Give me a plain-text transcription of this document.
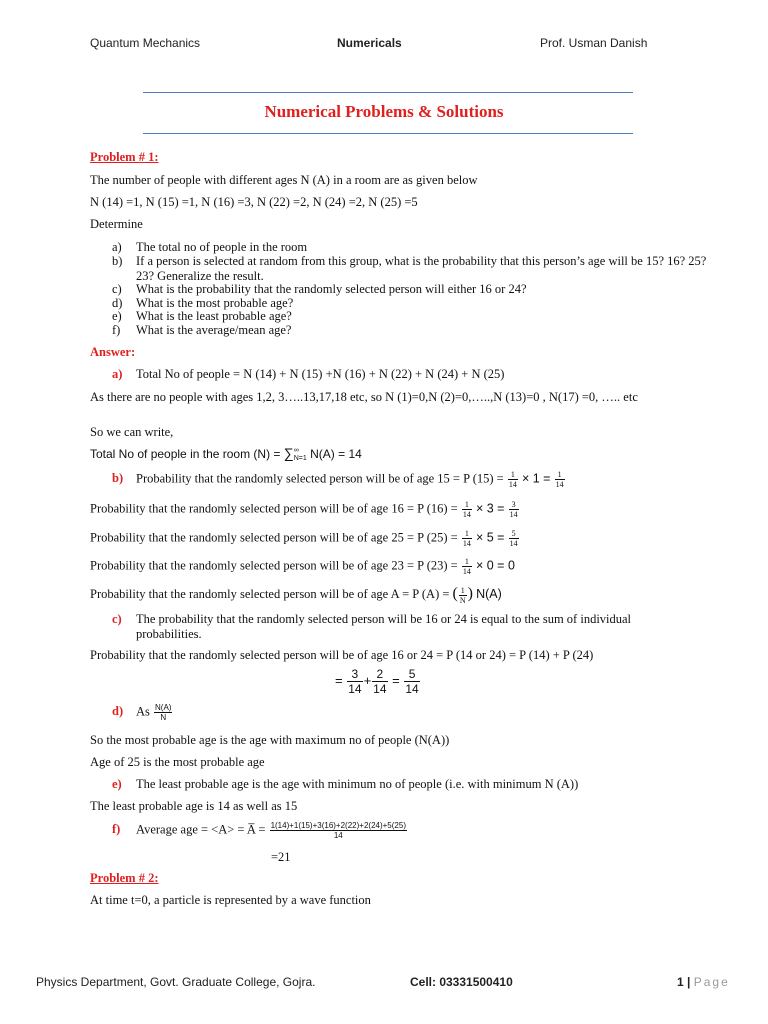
Quantum Mechanics	Numericals	Prof. Usman Danish
Numerical Problems & Solutions
Problem # 1:
The number of people with different ages N (A) in a room are as given below
N (14) =1, N (15) =1, N (16) =3, N (22) =2, N (24) =2, N (25) =5
Determine
a) The total no of people in the room
b) If a person is selected at random from this group, what is the probability that this person’s age will be 15? 16? 25? 23? Generalize the result.
c) What is the probability that the randomly selected person will either 16 or 24?
d) What is the most probable age?
e) What is the least probable age?
f) What is the average/mean age?
Answer:
a) Total No of people = N (14) + N (15) +N (16) + N (22) + N (24) + N (25)
As there are no people with ages 1,2, 3…..13,17,18 etc, so N (1)=0,N (2)=0,…..,N (13)=0 , N(17) =0, ….. etc
So we can write,
Total No of people in the room (N) = ∑ ∞
N=1 N(A) = 14
b) Probability that the randomly selected person will be of age 15 = P $(15) = \frac{1}{14} \times 1 = \frac{1}{14}$
Probability that the randomly selected person will be of age 16 = P $(16) = \frac{1}{14} \times 3 = \frac{3}{14}$
Probability that the randomly selected person will be of age 25 = P $(25) = \frac{1}{14} \times 5 = \frac{5}{14}$
Probability that the randomly selected person will be of age 23 = P $(23) = \frac{1}{14} \times 0 = 0$
Probability that the randomly selected person will be of age A = P (A) = ( $\frac{1}{N}$ ) N(A)
c) The probability that the randomly selected person will be 16 or 24 is equal to the sum of individual probabilities.
Probability that the randomly selected person will be of age 16 or 24 = P (14 or 24) = P (14) + P (24)
= $\frac{3}{14} + \frac{2}{14} = \frac{5}{14}$
d) As $\frac{N(A)}{N}$
So the most probable age is the age with maximum no of people (N(A))
Age of 25 is the most probable age
e) The least probable age is the age with minimum no of people (i.e. with minimum N (A))
The least probable age is 14 as well as 15
f) Average age = <A> = A̅ = $\frac{1(14)+1(15)+3(16)+2(22)+2(24)+5(25)}{14}$
=21
Problem # 2:
At time t=0, a particle is represented by a wave function
Physics Department, Govt. Graduate College, Gojra.	Cell: 03331500410	1 | Page
